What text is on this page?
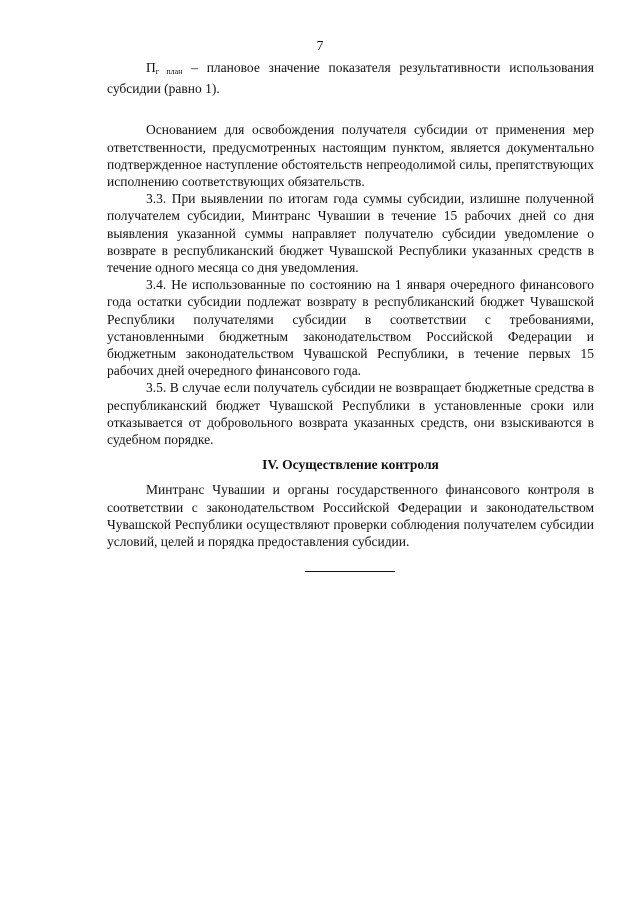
7

$П_{г план}$ – плановое значение показателя результативности использования субсидии (равно 1).

Основанием для освобождения получателя субсидии от применения мер ответственности, предусмотренных настоящим пунктом, является документально подтвержденное наступление обстоятельств непреодолимой силы, препятствующих исполнению соответствующих обязательств.

3.3. При выявлении по итогам года суммы субсидии, излишне полученной получателем субсидии, Минтранс Чувашии в течение 15 рабочих дней со дня выявления указанной суммы направляет получателю субсидии уведомление о возврате в республиканский бюджет Чувашской Республики указанных средств в течение одного месяца со дня уведомления.

3.4. Не использованные по состоянию на 1 января очередного финансового года остатки субсидии подлежат возврату в республиканский бюджет Чувашской Республики получателями субсидии в соответствии с требованиями, установленными бюджетным законодательством Российской Федерации и бюджетным законодательством Чувашской Республики, в течение первых 15 рабочих дней очередного финансового года.

3.5. В случае если получатель субсидии не возвращает бюджетные средства в республиканский бюджет Чувашской Республики в установленные сроки или отказывается от добровольного возврата указанных средств, они взыскиваются в судебном порядке.

IV. Осуществление контроля

Минтранс Чувашии и органы государственного финансового контроля в соответствии с законодательством Российской Федерации и законодательством Чувашской Республики осуществляют проверки соблюдения получателем субсидии условий, целей и порядка предоставления субсидии.
